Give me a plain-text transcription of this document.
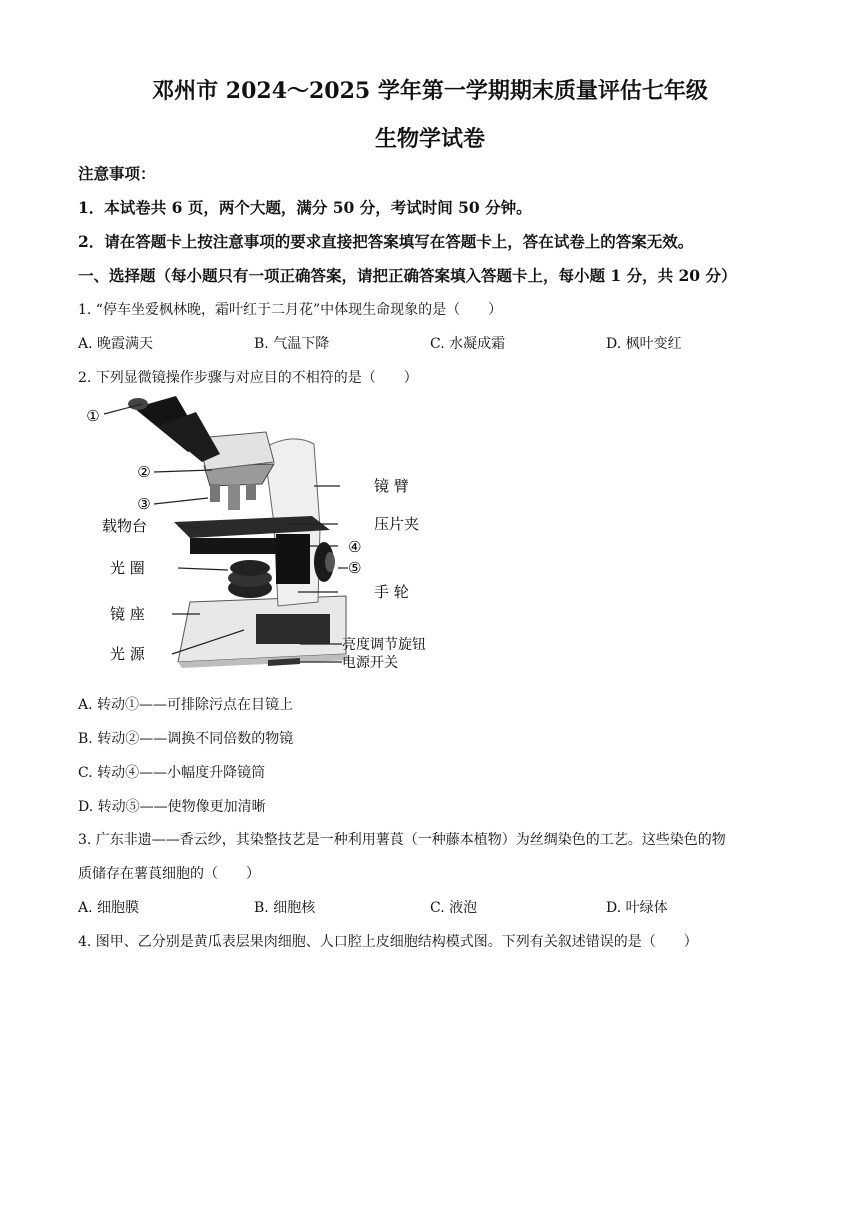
邓州市 2024～2025 学年第一学期期末质量评估七年级
生物学试卷
注意事项：
1．本试卷共 6 页，两个大题，满分 50 分，考试时间 50 分钟。
2．请在答题卡上按注意事项的要求直接把答案填写在答题卡上，答在试卷上的答案无效。
一、选择题（每小题只有一项正确答案，请把正确答案填入答题卡上，每小题 1 分，共 20 分）
1. “停车坐爱枫林晚，霜叶红于二月花”中体现生命现象的是（　　）
A. 晚霞满天	B. 气温下降	C. 水凝成霜	D. 枫叶变红
2. 下列显微镜操作步骤与对应目的不相符的是（　　）
①
②
③
镜 臂
压片夹
载物台
④
光 圈	⑤
手 轮
镜 座
亮度调节旋钮
光 源	电源开关
A. 转动①——可排除污点在目镜上
B. 转动②——调换不同倍数的物镜
C. 转动④——小幅度升降镜筒
D. 转动⑤——使物像更加清晰
3. 广东非遗——香云纱，其染整技艺是一种利用薯莨（一种藤本植物）为丝绸染色的工艺。这些染色的物
质储存在薯莨细胞的（　　）
A. 细胞膜	B. 细胞核	C. 液泡	D. 叶绿体
4. 图甲、乙分别是黄瓜表层果肉细胞、人口腔上皮细胞结构模式图。下列有关叙述错误的是（　　）
